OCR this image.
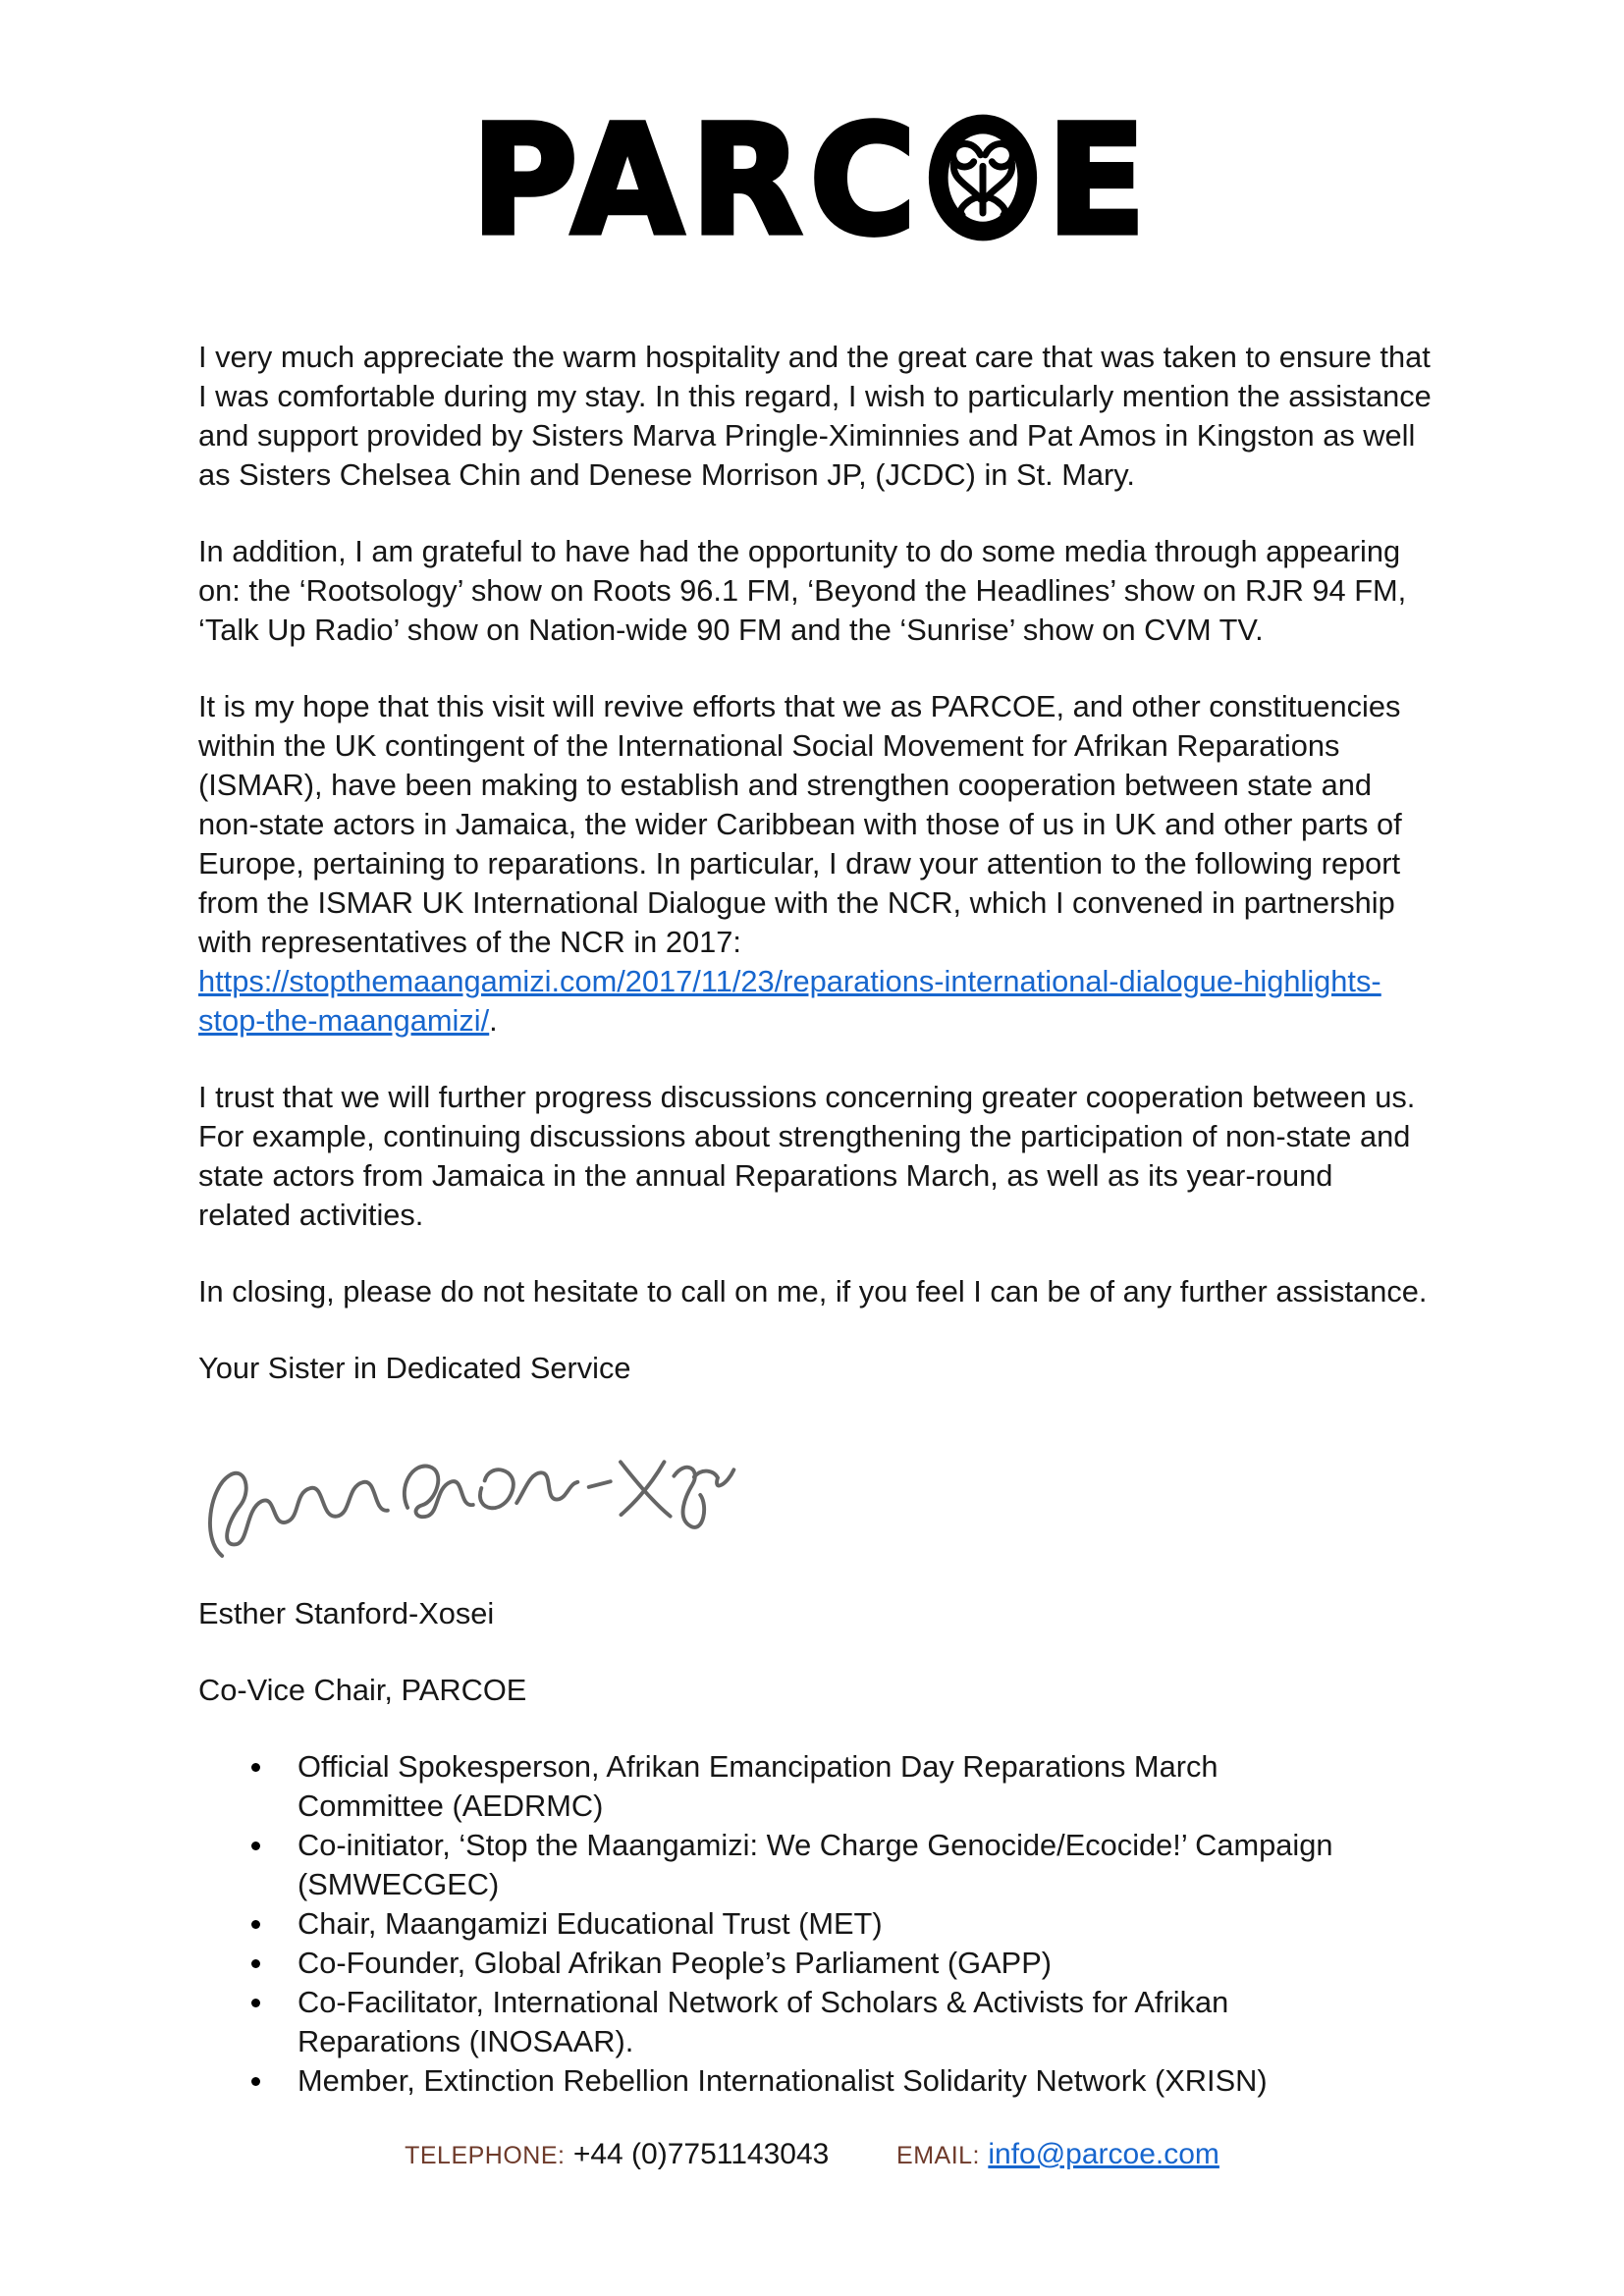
PARC E

I very much appreciate the warm hospitality and the great care that was taken to ensure that I was comfortable during my stay. In this regard, I wish to particularly mention the assistance and support provided by Sisters Marva Pringle-Ximinnies and Pat Amos in Kingston as well as Sisters Chelsea Chin and Denese Morrison JP, (JCDC) in St. Mary.

In addition, I am grateful to have had the opportunity to do some media through appearing on: the ‘Rootsology’ show on Roots 96.1 FM, ‘Beyond the Headlines’ show on RJR 94 FM, ‘Talk Up Radio’ show on Nation-wide 90 FM and the ‘Sunrise’ show on CVM TV.

It is my hope that this visit will revive efforts that we as PARCOE, and other constituencies within the UK contingent of the International Social Movement for Afrikan Reparations (ISMAR), have been making to establish and strengthen cooperation between state and non-state actors in Jamaica, the wider Caribbean with those of us in UK and other parts of Europe, pertaining to reparations. In particular, I draw your attention to the following report from the ISMAR UK International Dialogue with the NCR, which I convened in partnership with representatives of the NCR in 2017: https://stopthemaangamizi.com/2017/11/23/reparations-international-dialogue-highlights-
stop-the-maangamizi/.

I trust that we will further progress discussions concerning greater cooperation between us. For example, continuing discussions about strengthening the participation of non-state and state actors from Jamaica in the annual Reparations March, as well as its year-round related activities.

In closing, please do not hesitate to call on me, if you feel I can be of any further assistance.

Your Sister in Dedicated Service

Esther Stanford-Xosei

Co-Vice Chair, PARCOE

Official Spokesperson, Afrikan Emancipation Day Reparations March Committee (AEDRMC)
Co-initiator, ‘Stop the Maangamizi: We Charge Genocide/Ecocide!’ Campaign (SMWECGEC)
Chair, Maangamizi Educational Trust (MET)
Co-Founder, Global Afrikan People’s Parliament (GAPP)
Co-Facilitator, International Network of Scholars & Activists for Afrikan Reparations (INOSAAR).
Member, Extinction Rebellion Internationalist Solidarity Network (XRISN)
TELEPHONE: +44 (0)7751143043	EMAIL: info@parcoe.com
